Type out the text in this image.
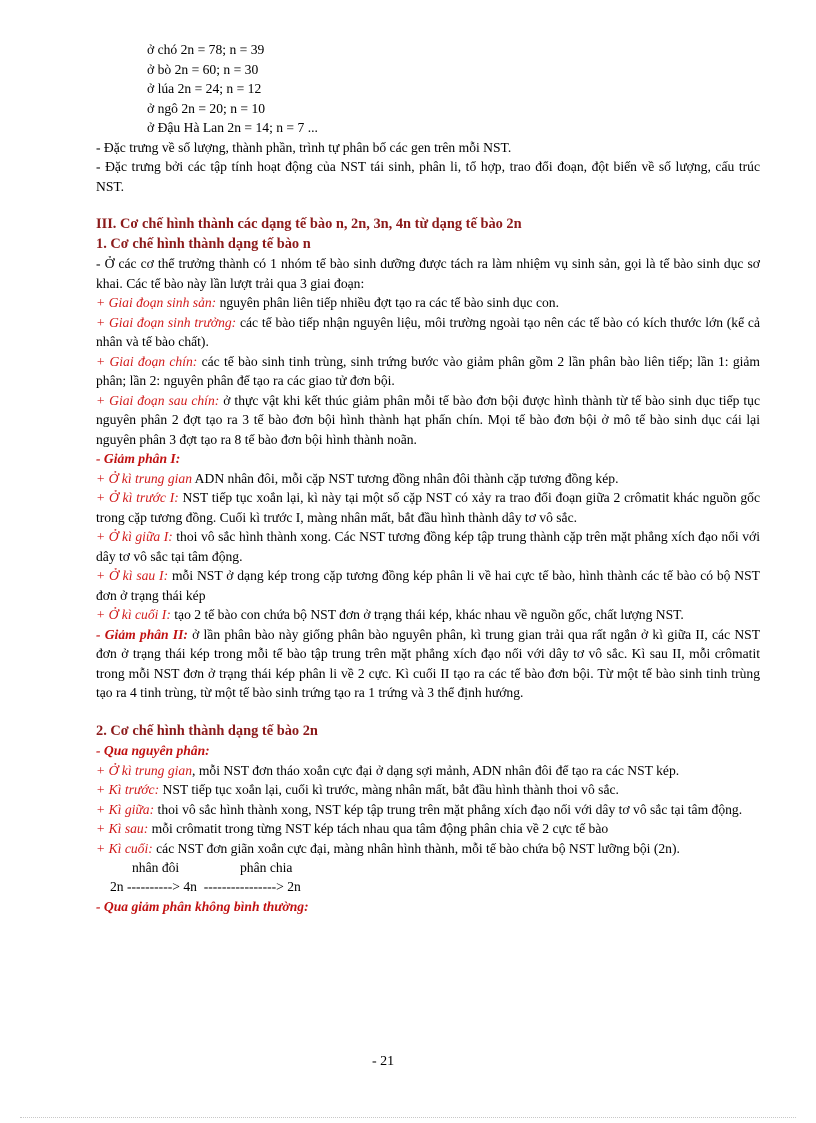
ở chó 2n = 78; n = 39
ở bò 2n = 60; n = 30
ở lúa 2n = 24; n = 12
ở ngô 2n = 20; n = 10
ở Đậu Hà Lan 2n = 14; n = 7 ...

- Đặc trưng về số lượng, thành phần, trình tự phân bố các gen trên mỗi NST.

- Đặc trưng bởi các tập tính hoạt động của NST tái sinh, phân li, tổ hợp, trao đổi đoạn, đột biến về số lượng, cấu trúc NST.

III. Cơ chế hình thành các dạng tế bào n, 2n, 3n, 4n từ dạng tế bào 2n

1. Cơ chế hình thành dạng tế bào n

- Ở các cơ thể trưởng thành có 1 nhóm tế bào sinh dưỡng được tách ra làm nhiệm vụ sinh sản, gọi là tế bào sinh dục sơ khai. Các tế bào này lần lượt trải qua 3 giai đoạn:

+ Giai đoạn sinh sản: nguyên phân liên tiếp nhiều đợt tạo ra các tế bào sinh dục con.

+ Giai đoạn sinh trưởng: các tế bào tiếp nhận nguyên liệu, môi trường ngoài tạo nên các tế bào có kích thước lớn (kể cả nhân và tế bào chất).

+ Giai đoạn chín: các tế bào sinh tinh trùng, sinh trứng bước vào giảm phân gồm 2 lần phân bào liên tiếp; lần 1: giảm phân; lần 2: nguyên phân để tạo ra các giao tử đơn bội.

+ Giai đoạn sau chín: ở thực vật khi kết thúc giảm phân mỗi tế bào đơn bội được hình thành từ tế bào sinh dục tiếp tục nguyên phân 2 đợt tạo ra 3 tế bào đơn bội hình thành hạt phấn chín. Mọi tế bào đơn bội ở mô tế bào sinh dục cái lại nguyên phân 3 đợt tạo ra 8 tế bào đơn bội hình thành noãn.

- Giảm phân I:

+ Ở kì trung gian ADN nhân đôi, mỗi cặp NST tương đồng nhân đôi thành cặp tương đồng kép.

+ Ở kì trước I: NST tiếp tục xoắn lại, kì này tại một số cặp NST có xảy ra trao đổi đoạn giữa 2 crômatit khác nguồn gốc trong cặp tương đồng. Cuối kì trước I, màng nhân mất, bắt đầu hình thành dây tơ vô sắc.

+ Ở kì giữa I: thoi vô sắc hình thành xong. Các NST tương đồng kép tập trung thành cặp trên mặt phẳng xích đạo nối với dây tơ vô sắc tại tâm động.

+ Ở kì sau I: mỗi NST ở dạng kép trong cặp tương đồng kép phân li về hai cực tế bào, hình thành các tế bào có bộ NST đơn ở trạng thái kép

+ Ở kì cuối I: tạo 2 tế bào con chứa bộ NST đơn ở trạng thái kép, khác nhau về nguồn gốc, chất lượng NST.

- Giảm phân II: ở lần phân bào này giống phân bào nguyên phân, kì trung gian trải qua rất ngắn ở kì giữa II, các NST đơn ở trạng thái kép trong mỗi tế bào tập trung trên mặt phẳng xích đạo nối với dây tơ vô sắc. Kì sau II, mỗi crômatit trong mỗi NST đơn ở trạng thái kép phân li về 2 cực. Kì cuối II tạo ra các tế bào đơn bội. Từ một tế bào sinh tinh trùng tạo ra 4 tinh trùng, từ một tế bào sinh trứng tạo ra 1 trứng và 3 thể định hướng.

2. Cơ chế hình thành dạng tế bào 2n

- Qua nguyên phân:

+ Ở kì trung gian, mỗi NST đơn tháo xoắn cực đại ở dạng sợi mảnh, ADN nhân đôi để tạo ra các NST kép.

+ Kì trước: NST tiếp tục xoắn lại, cuối kì trước, màng nhân mất, bắt đầu hình thành thoi vô sắc.

+ Kì giữa: thoi vô sắc hình thành xong, NST kép tập trung trên mặt phẳng xích đạo nối với dây tơ vô sắc tại tâm động.

+ Kì sau: mỗi crômatit trong từng NST kép tách nhau qua tâm động phân chia về 2 cực tế bào

+ Kì cuối: các NST đơn giãn xoắn cực đại, màng nhân hình thành, mỗi tế bào chứa bộ NST lưỡng bội (2n).

nhân đôi	phân chia
2n ----------> 4n  ----------------> 2n

- Qua giảm phân không bình thường:

- 21
